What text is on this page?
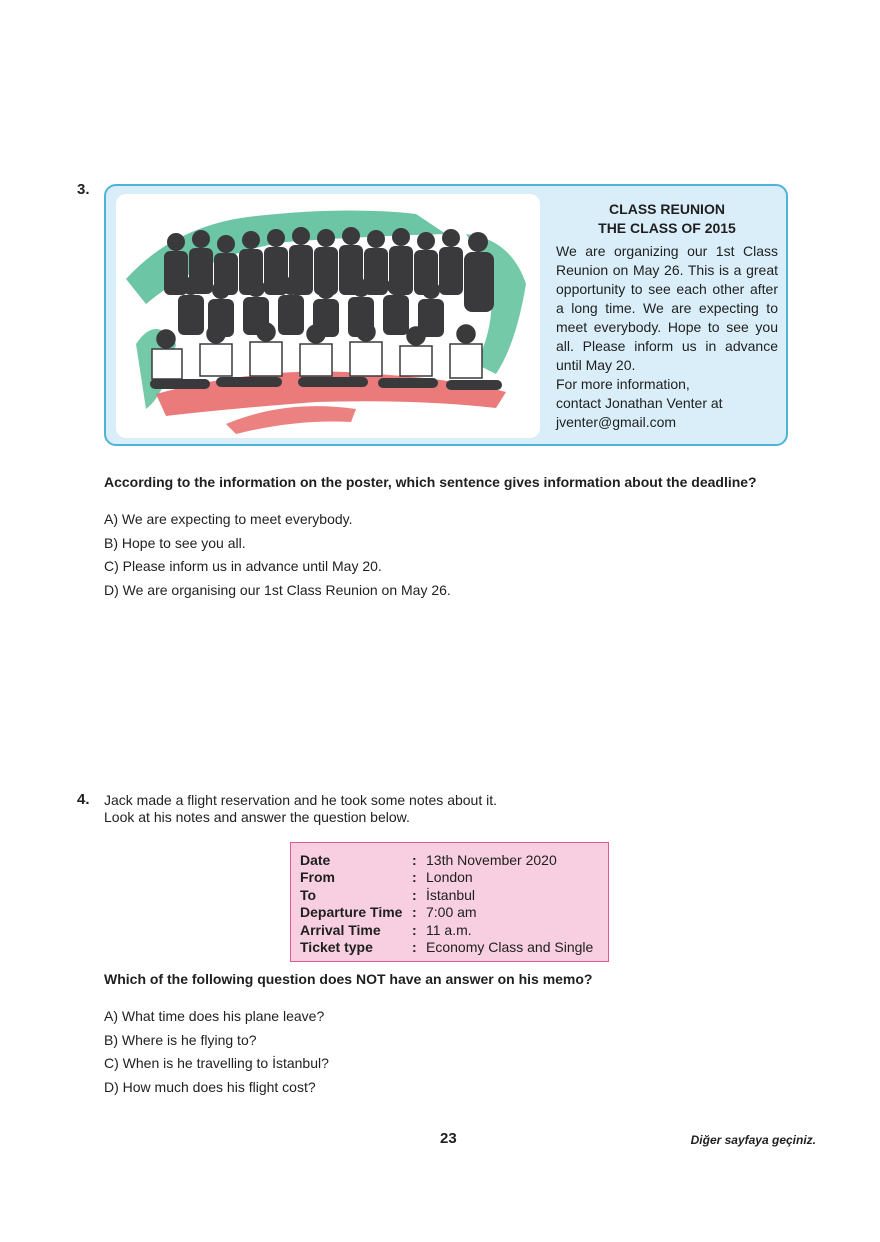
3.
CLASS REUNION
THE CLASS OF 2015
We are organizing our 1st Class Reunion on May 26. This is a great opportunity to see each other after a long time. We are expecting to meet everybody. Hope to see you all. Please inform us in advance until May 20.
For more information,
contact Jonathan Venter at
jventer@gmail.com
According to the information on the poster, which sentence gives information about the deadline?
A) We are expecting to meet everybody.
B) Hope to see you all.
C) Please inform us in advance until May 20.
D) We are organising our 1st Class Reunion on May 26.
4. Jack made a flight reservation and he took some notes about it.
Look at his notes and answer the question below.
Date	: 13th November 2020
From	: London
To	: İstanbul
Departure Time : 7:00 am
Arrival Time	: 11 a.m.
Ticket type	: Economy Class and Single
Which of the following question does NOT have an answer on his memo?
A) What time does his plane leave?
B) Where is he flying to?
C) When is he travelling to İstanbul?
D) How much does his flight cost?
23	Diğer sayfaya geçiniz.
